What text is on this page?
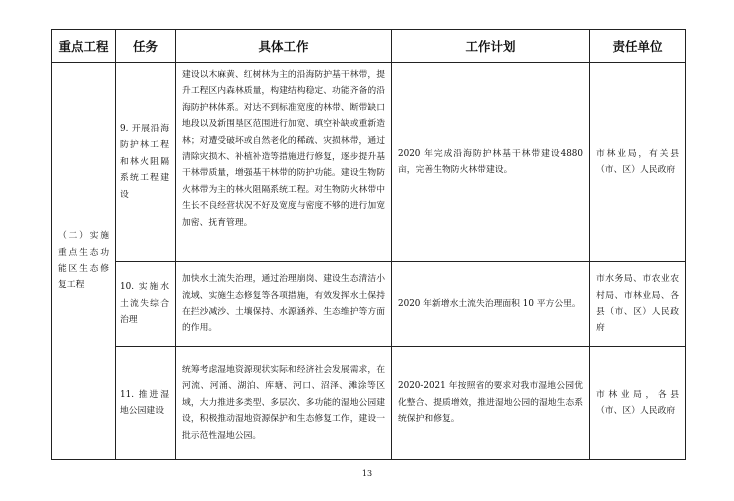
重点工程	任务	具体工作	工作计划	责任单位

（二）实施重点生态功能区生态修复工程	9. 开展沿海防护林工程和林火阻隔系统工程建设	建设以木麻黄、红树林为主的沿海防护基干林带，提升工程区内森林质量，构建结构稳定、功能齐备的沿海防护林体系。对达不到标准宽度的林带、断带缺口地段以及新围垦区范围进行加宽、填空补缺或重新造林；对遭受破坏或自然老化的稀疏、灾损林带，通过清除灾损木、补植补造等措施进行修复，逐步提升基干林带质量，增强基干林带的防护功能。建设生物防火林带为主的林火阻隔系统工程。对生物防火林带中生长不良经营状况不好及宽度与密度不够的进行加宽加密、抚育管理。	2020 年完成沿海防护林基干林带建设4880亩，完善生物防火林带建设。	市林业局，有关县（市、区）人民政府

	10. 实施水土流失综合治理	加快水土流失治理，通过治理崩岗、建设生态清洁小流域、实施生态修复等各项措施，有效发挥水土保持在拦沙减沙、土壤保持、水源涵养、生态维护等方面的作用。	2020 年新增水土流失治理面积 10 平方公里。	市水务局、市农业农村局、市林业局、各县（市、区）人民政府

	11. 推进湿地公园建设	统筹考虑湿地资源现状实际和经济社会发展需求，在河流、河涌、湖泊、库塘、河口、沼泽、滩涂等区域，大力推进多类型、多层次、多功能的湿地公园建设，积极推动湿地资源保护和生态修复工作，建设一批示范性湿地公园。	2020-2021 年按照省的要求对我市湿地公园优化整合、提质增效，推进湿地公园的湿地生态系统保护和修复。	市林业局，各县（市、区）人民政府
13
